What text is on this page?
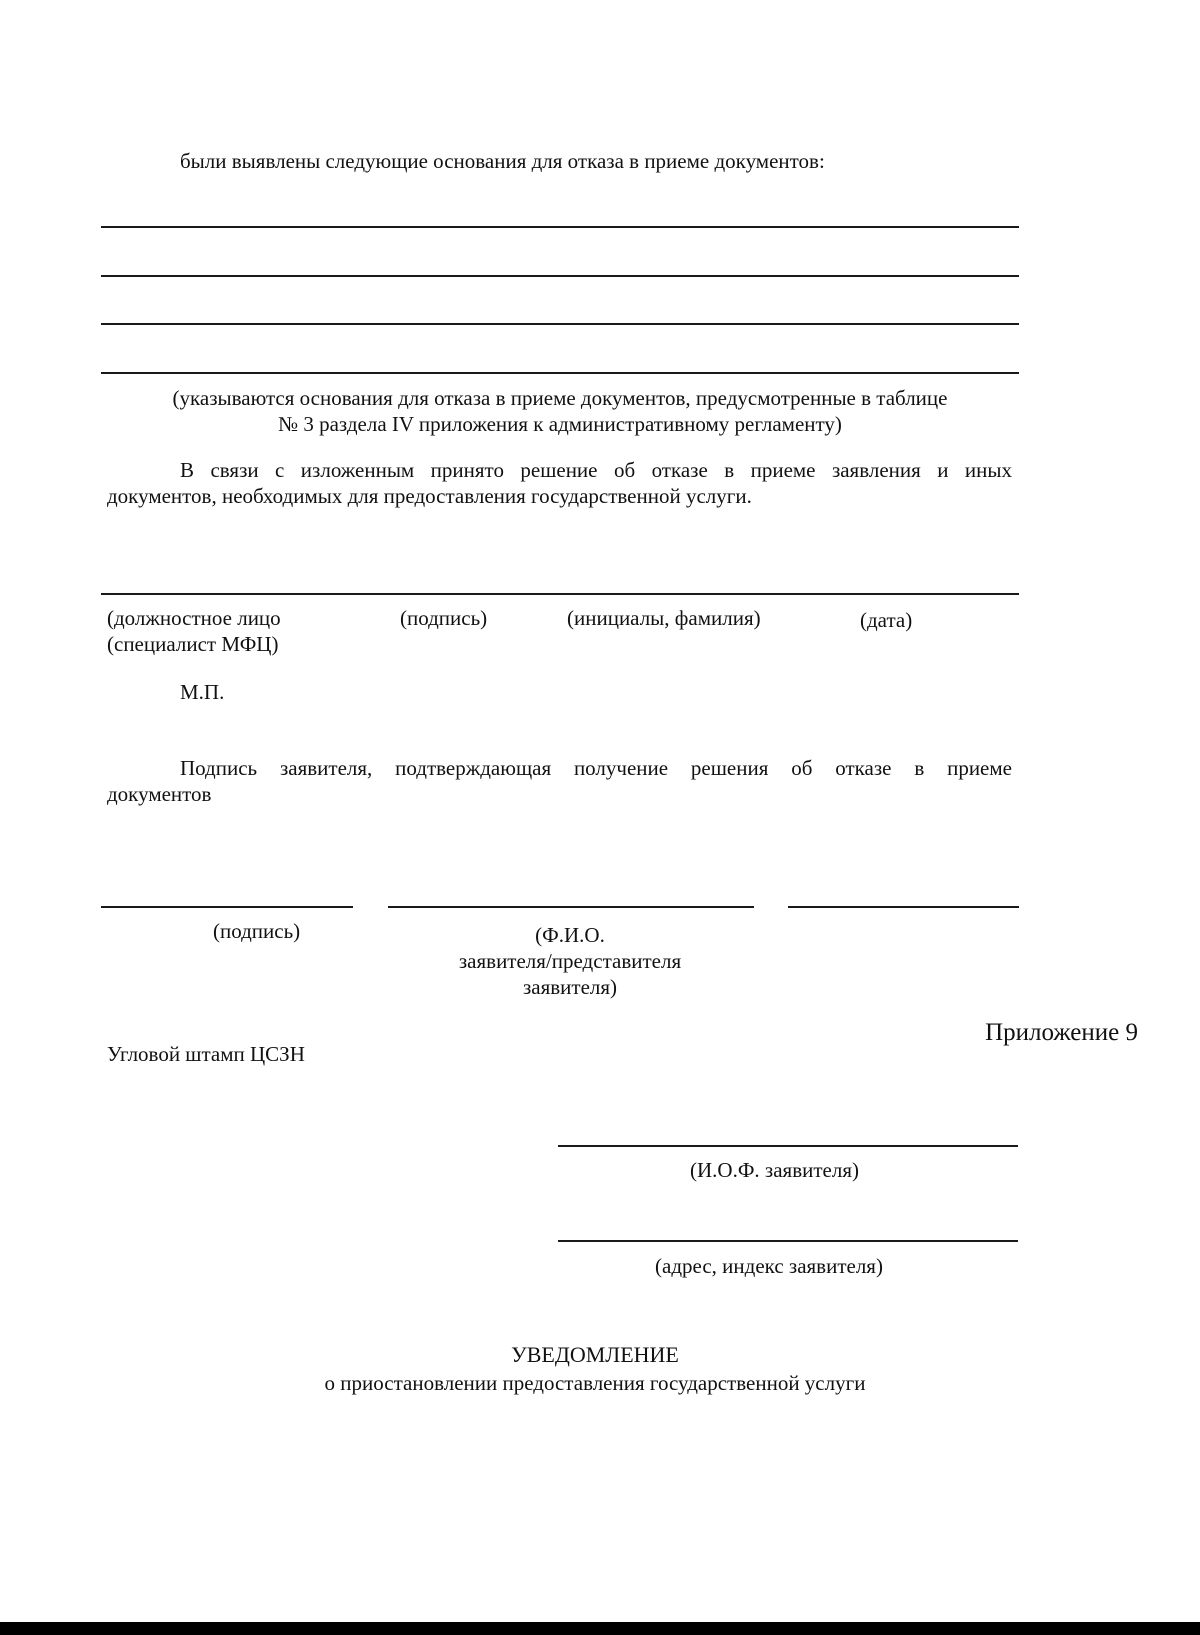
были выявлены следующие основания для отказа в приеме документов:
(указываются основания для отказа в приеме документов, предусмотренные в таблице
№ 3 раздела IV приложения к административному регламенту)
В связи с изложенным принято решение об отказе в приеме заявления и иных
документов, необходимых для предоставления государственной услуги.
(должностное лицо
(специалист МФЦ)
(подпись)	(инициалы, фамилия)	(дата)
М.П.
Подпись заявителя, подтверждающая получение решения об отказе в приеме
документов
(подпись)	(Ф.И.О.
заявителя/представителя
заявителя)
Приложение 9
Угловой штамп ЦСЗН
(И.О.Ф. заявителя)
(адрес, индекс заявителя)
УВЕДОМЛЕНИЕ
о приостановлении предоставления государственной услуги
